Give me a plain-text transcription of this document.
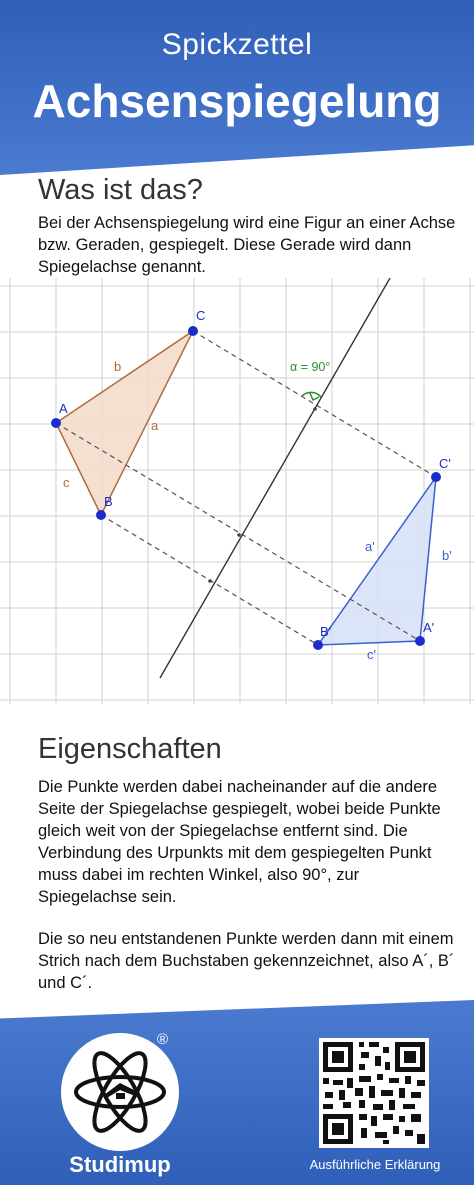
Spickzettel
Achsenspiegelung
Was ist das?
Bei der Achsenspiegelung wird eine Figur an einer Achse bzw. Geraden, gespiegelt. Diese Gerade wird dann Spiegelachse genannt.
α = 90°
A
B
C
A'
B'
C'
b
a
c
a'
b'
c'
Eigenschaften
Die Punkte werden dabei nacheinander auf die andere Seite der Spiegelachse gespiegelt, wobei beide Punkte gleich weit von der Spiegelachse entfernt sind. Die Verbindung des Urpunkts mit dem gespiegelten Punkt muss dabei im rechten Winkel, also 90°, zur Spiegelachse sein.
Die so neu entstandenen Punkte werden dann mit einem Strich nach dem Buchstaben gekennzeichnet, also A´, B´ und C´.
®
Studimup	Ausführliche Erklärung
